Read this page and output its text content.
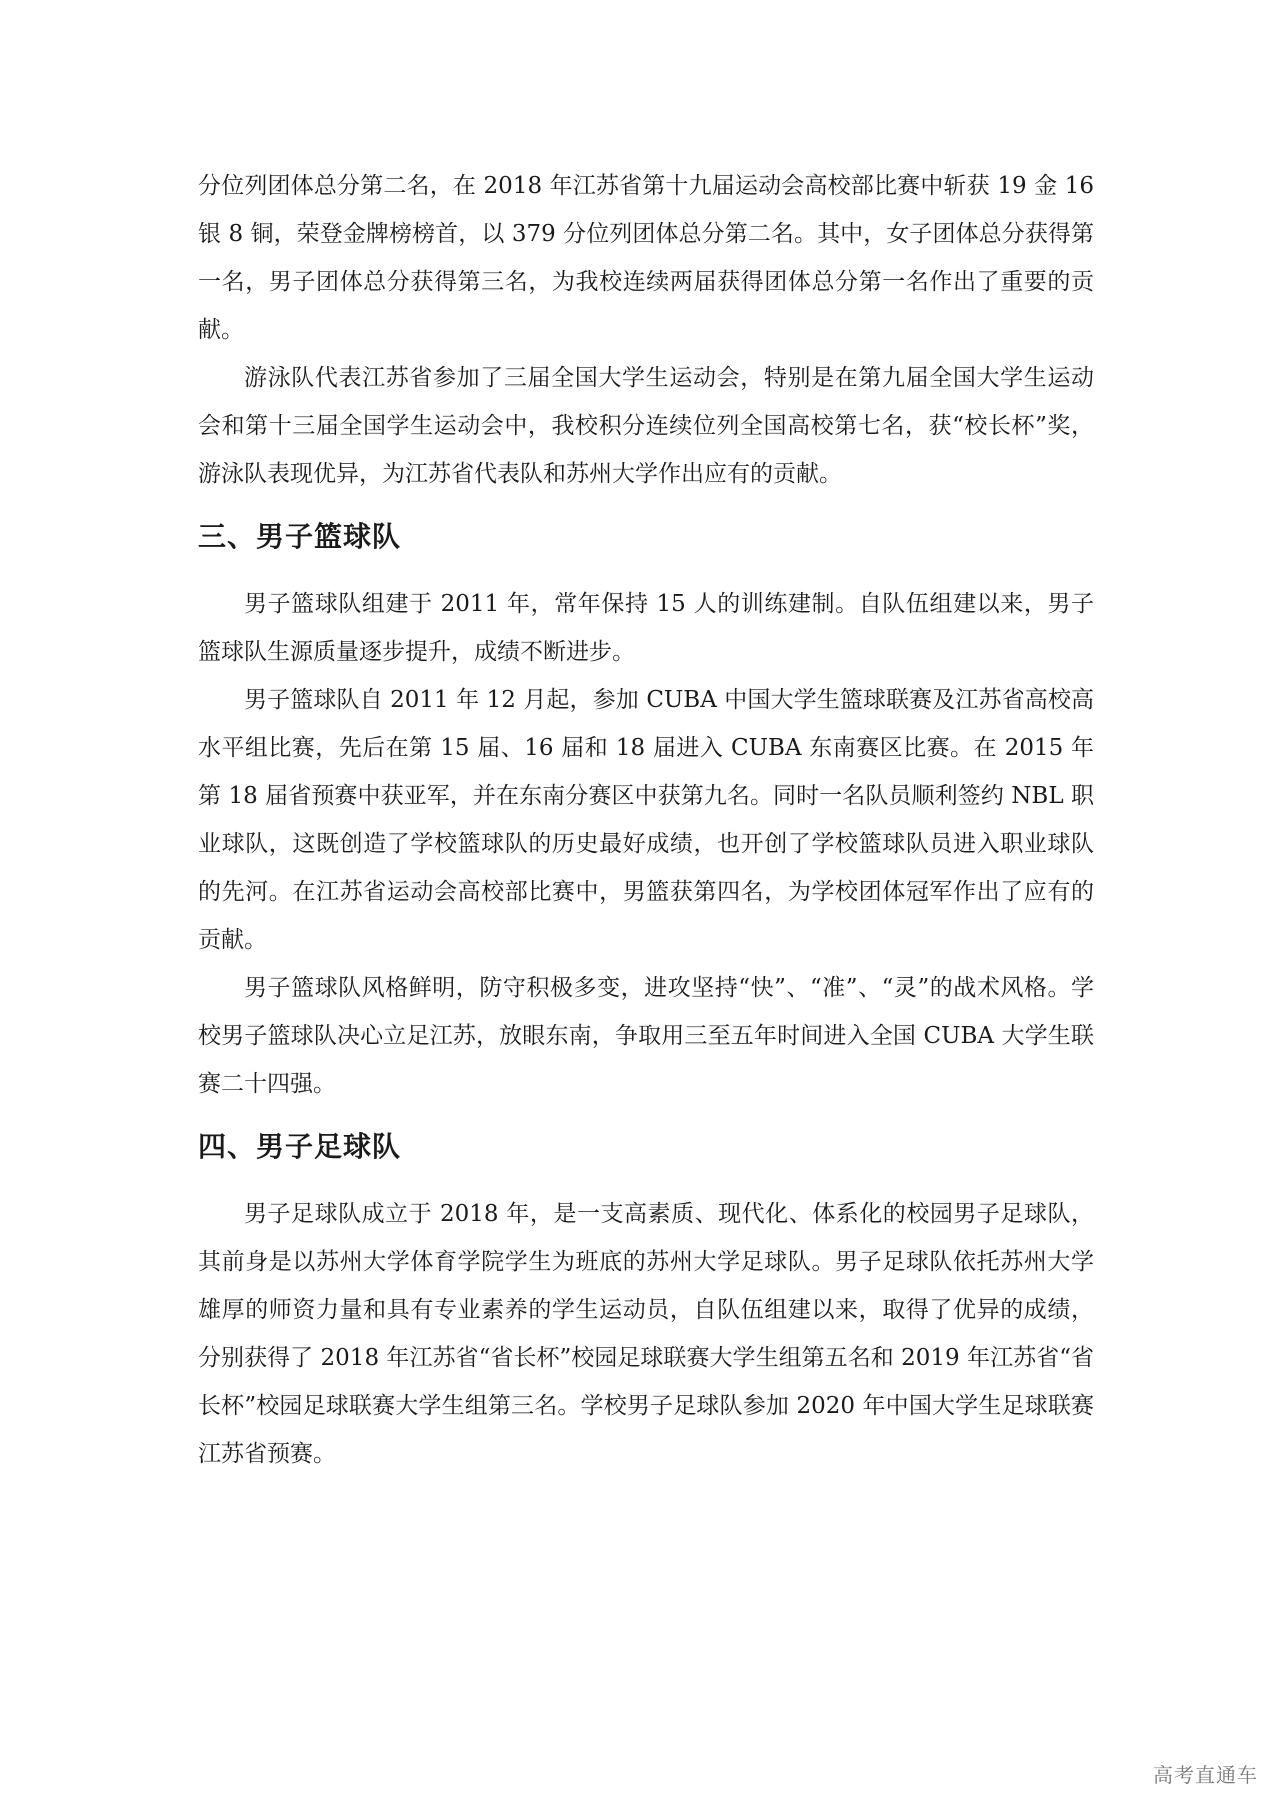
分位列团体总分第二名，在 2018 年江苏省第十九届运动会高校部比赛中斩获 19 金 16 银 8 铜，荣登金牌榜榜首，以 379 分位列团体总分第二名。其中，女子团体总分获得第一名，男子团体总分获得第三名，为我校连续两届获得团体总分第一名作出了重要的贡献。

游泳队代表江苏省参加了三届全国大学生运动会，特别是在第九届全国大学生运动会和第十三届全国学生运动会中，我校积分连续位列全国高校第七名，获“校长杯”奖，游泳队表现优异，为江苏省代表队和苏州大学作出应有的贡献。

三、男子篮球队

男子篮球队组建于 2011 年，常年保持 15 人的训练建制。自队伍组建以来，男子篮球队生源质量逐步提升，成绩不断进步。

男子篮球队自 2011 年 12 月起，参加 CUBA 中国大学生篮球联赛及江苏省高校高水平组比赛，先后在第 15 届、16 届和 18 届进入 CUBA 东南赛区比赛。在 2015 年第 18 届省预赛中获亚军，并在东南分赛区中获第九名。同时一名队员顺利签约 NBL 职业球队，这既创造了学校篮球队的历史最好成绩，也开创了学校篮球队员进入职业球队的先河。在江苏省运动会高校部比赛中，男篮获第四名，为学校团体冠军作出了应有的贡献。

男子篮球队风格鲜明，防守积极多变，进攻坚持“快”、“准”、“灵”的战术风格。学校男子篮球队决心立足江苏，放眼东南，争取用三至五年时间进入全国 CUBA 大学生联赛二十四强。

四、男子足球队

男子足球队成立于 2018 年，是一支高素质、现代化、体系化的校园男子足球队，其前身是以苏州大学体育学院学生为班底的苏州大学足球队。男子足球队依托苏州大学雄厚的师资力量和具有专业素养的学生运动员，自队伍组建以来，取得了优异的成绩，分别获得了 2018 年江苏省“省长杯”校园足球联赛大学生组第五名和 2019 年江苏省“省长杯”校园足球联赛大学生组第三名。学校男子足球队参加 2020 年中国大学生足球联赛江苏省预赛。

高考直通车
